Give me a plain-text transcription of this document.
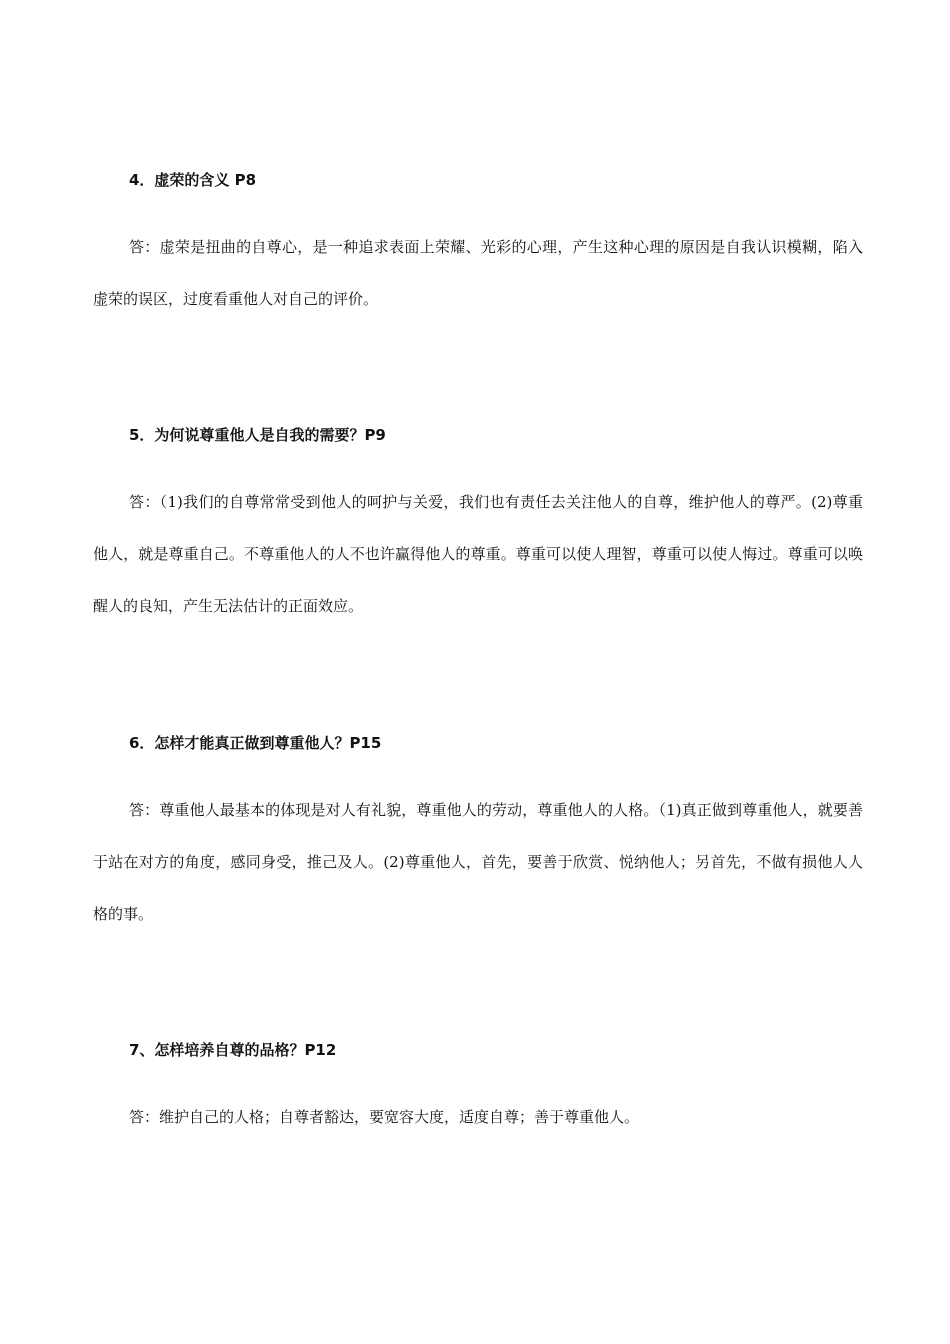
4．虚荣的含义 P8
答：虚荣是扭曲的自尊心，是一种追求表面上荣耀、光彩的心理，产生这种心理的原因是自我认识模糊，陷入虚荣的误区，过度看重他人对自己的评价。
5．为何说尊重他人是自我的需要？P9
答：（1)我们的自尊常常受到他人的呵护与关爱，我们也有责任去关注他人的自尊，维护他人的尊严。(2)尊重他人，就是尊重自己。不尊重他人的人不也许赢得他人的尊重。尊重可以使人理智，尊重可以使人悔过。尊重可以唤醒人的良知，产生无法估计的正面效应。
6．怎样才能真正做到尊重他人？P15
答：尊重他人最基本的体现是对人有礼貌，尊重他人的劳动，尊重他人的人格。（1)真正做到尊重他人，就要善于站在对方的角度，感同身受，推己及人。(2)尊重他人，首先，要善于欣赏、悦纳他人；另首先，不做有损他人人格的事。
7、怎样培养自尊的品格？P12
答：维护自己的人格；自尊者豁达，要宽容大度，适度自尊；善于尊重他人。
